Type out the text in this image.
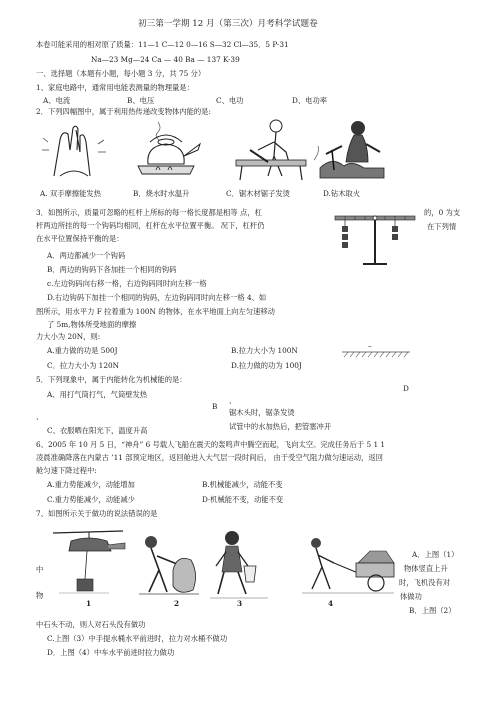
初三第一学期 12 月（第三次）月考科学试题卷
本卷可能采用的相对原了质量：11—1 C—12 0—16 S—32 Cl—35．5 P-31
Na—23 Mg—24 Ca — 40 Ba — 137 K-39
一、选择题（本题有小题，每小题 3 分，共 75 分）
1、家庭电路中，通常用电能表测量的物理量是：
A、电流	B、电压	C、电功	D、电功率
2．下列四幅图中，属于利用热传递改变物体内能的是:
A. 双手摩擦能发热	B．烧水时水温升	C．锯木材锯子发烫	D.钻木取火
3．如图所示，质量可忽略的杠杆上所标的每一格长度都是相等 点，杠	的，0 为支
杆两边所挂的每一个钩码均相同，杠杆在水平位置平衡。 况下，杠杆仍	在下列情
在水平位置保持平衡的是：
A．两边都减少一个钩码
B．两边的钩码下各加挂一个相同的钩码
c.左边钩码向右移一格，右边钩码同时向左移一格
D.右边钩码下加挂一个相同的钩码，左边钩码同时向左移一格 4、如
图所示，用水平力 F 拉着重为 100N 的物体，在水平地面上向左匀速移动
了 5m,物体所受地面的摩擦
力大小为 20N，则:
A.重力做的功是 500J	B.拉力大小为 100N
C．拉力大小为 120N	D.拉力做的功为 100J
–
5．下列现象中，属于内能转化为机械能的是：
A、用打气筒打气，气筒壁发热
D
B
、
锯木头时，锯条发烫
、
试管中的水加热后，把管塞冲开
C、衣服晒在阳光下，温度升高
6、2005 年 10 月 5 日，“神舟” 6 号载人飞船在震天的轰鸣声中腾空而起，飞向太空。完成任务后于 5 1 1
凌晨准确降落在内蒙古 ’11 部预定地区，返回舱进入大气层一段时间后， 由于受空气阻力做匀速运动，返回
舱匀速下降过程中:
A.重力势能减少，动能增加	B.机械能减少，动能不变
C.重力势能减少，动能减少	D·机械能不变，动能不变
7、如图所示关于做功的说法错误的是
中
物
1	2	3	4
A．上图（1）
物体竖直上升
时，飞机没有对
体做功
B．上图（2）
中石头不动，则人对石头没有做功
C.上图（3）中手提水桶水平前进时，拉力对水桶不做功
D．上图（4）中车水平前进时拉力做功
